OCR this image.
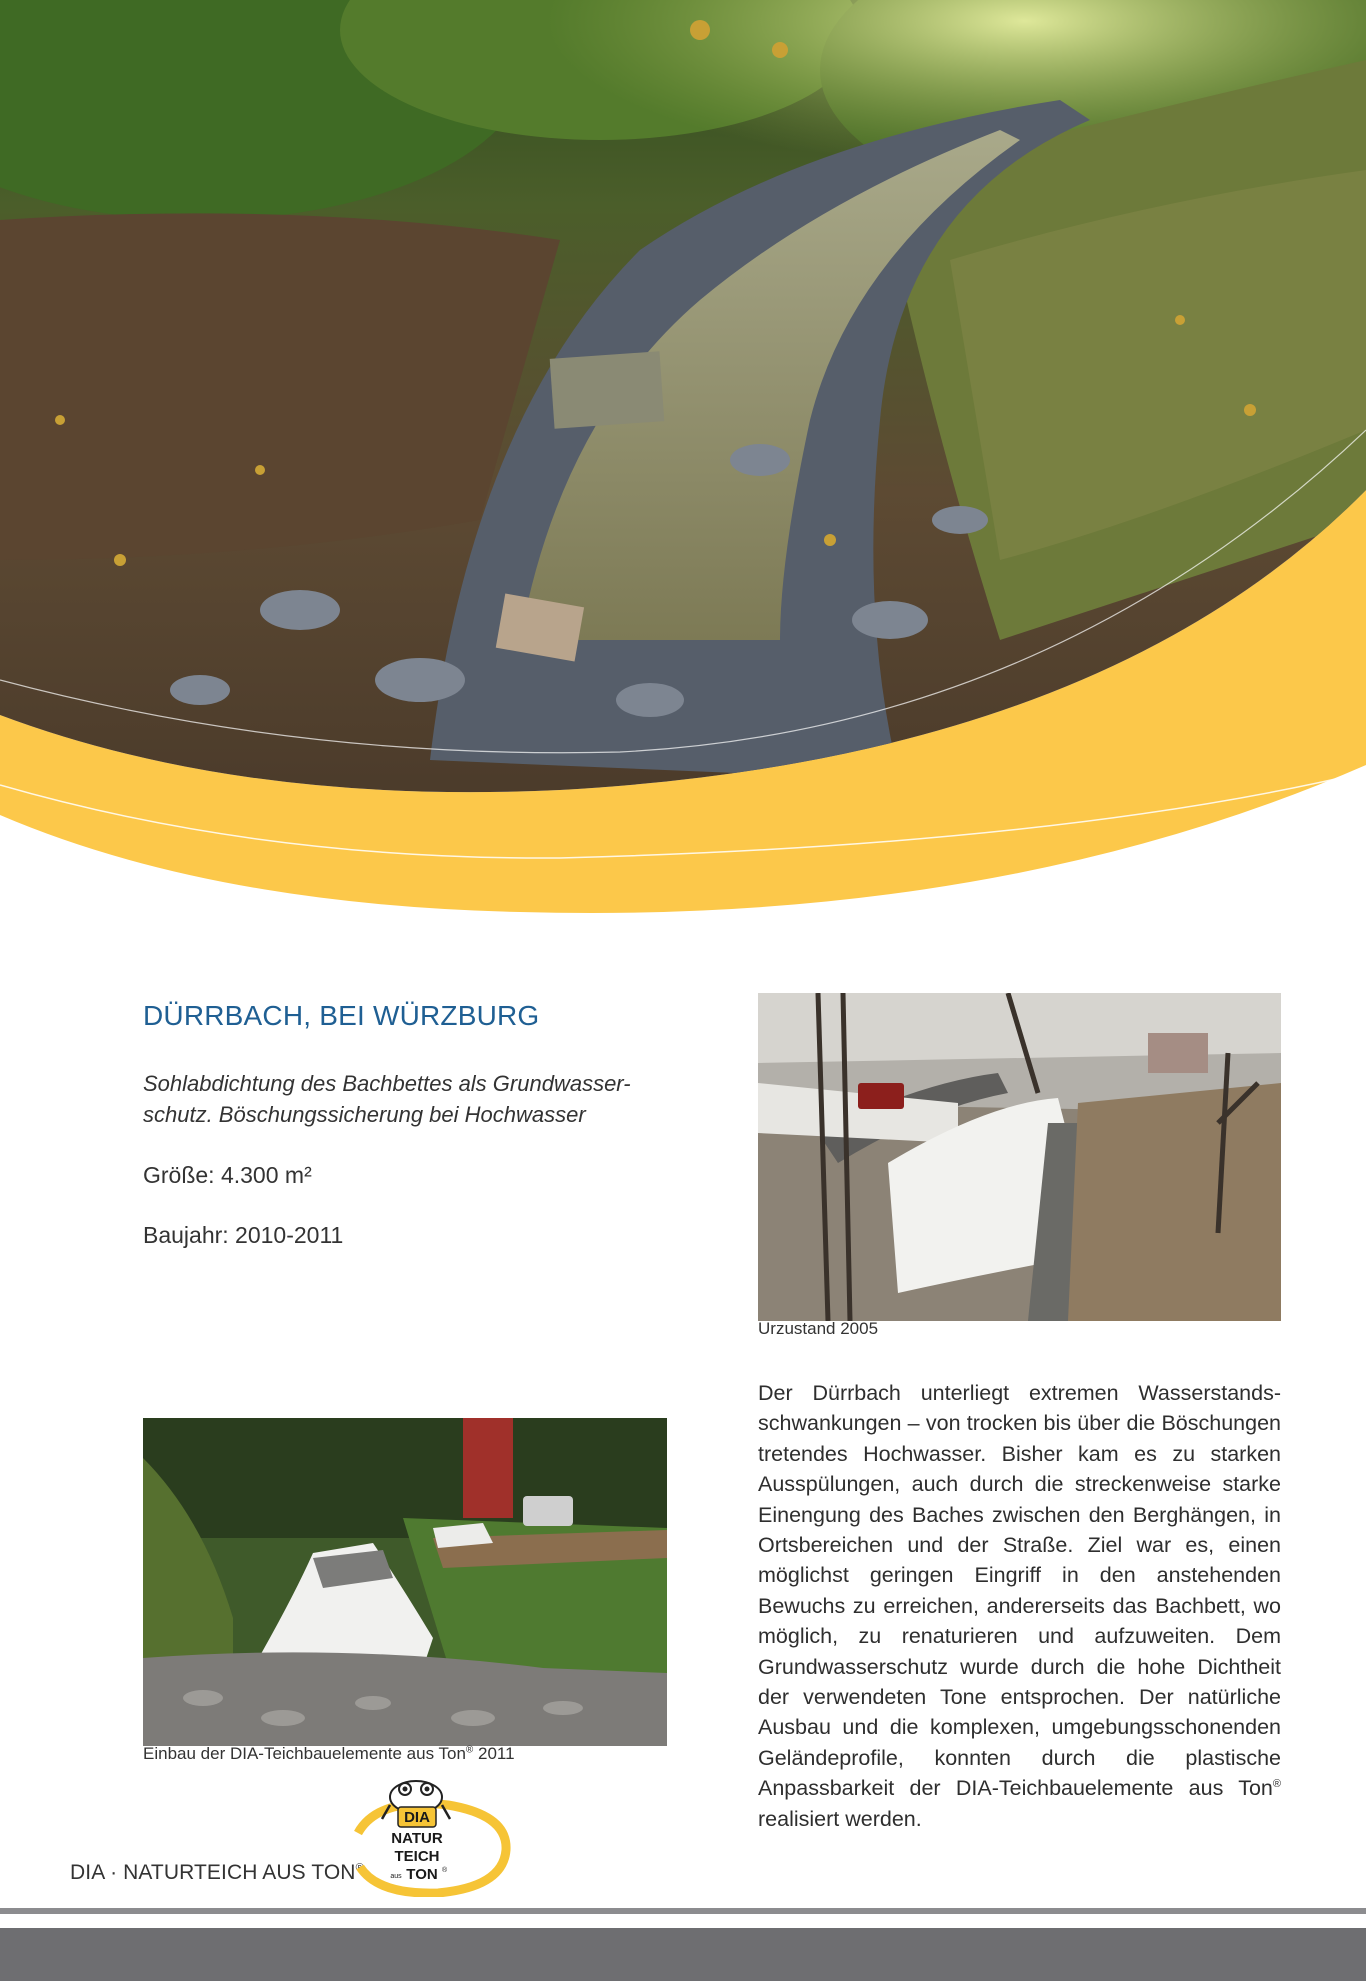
DÜRRBACH, BEI WÜRZBURG

Sohlabdichtung des Bachbettes als Grundwasser-schutz. Böschungssicherung bei Hochwasser

Größe: 4.300 m²

Baujahr: 2010-2011

Urzustand 2005

Einbau der DIA-Teichbauelemente aus Ton® 2011

Der Dürrbach unterliegt extremen Wasserstands-schwankungen – von trocken bis über die Böschungen tretendes Hochwasser. Bisher kam es zu starken Ausspülungen, auch durch die streckenweise starke Einengung des Baches zwischen den Berghängen, in Ortsbereichen und der Straße. Ziel war es, einen möglichst geringen Eingriff in den anstehenden Bewuchs zu erreichen, andererseits das Bachbett, wo möglich, zu renaturieren und aufzuweiten. Dem Grundwasserschutz wurde durch die hohe Dichtheit der verwendeten Tone entsprochen. Der natürliche Ausbau und die komplexen, umgebungsschonenden Geländeprofile, konnten durch die plastische Anpassbarkeit der DIA-Teichbauelemente aus Ton® realisiert werden.

DIA · NATURTEICH AUS TON®

DIA
NATUR
TEICH
aus TON ®
